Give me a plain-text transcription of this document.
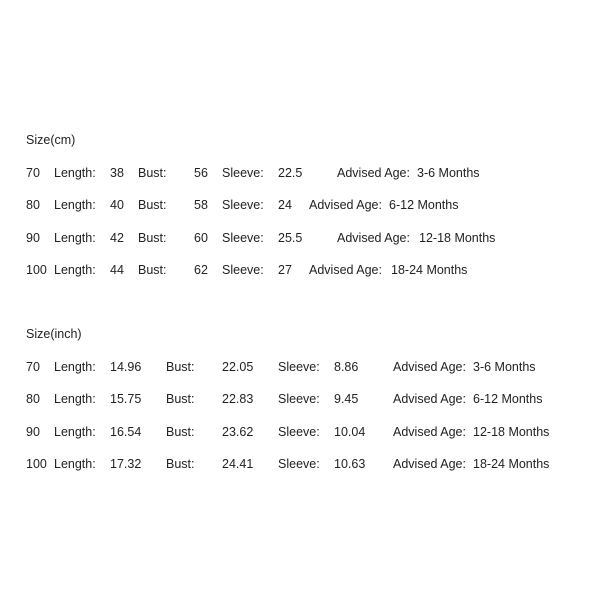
Size(cm)
70 Length: 38 Bust: 56 Sleeve: 22.5	Advised Age: 3-6 Months
80 Length: 40 Bust: 58 Sleeve: 24 Advised Age: 6-12 Months
90 Length: 42 Bust: 60 Sleeve: 25.5	Advised Age: 12-18 Months
100 Length: 44 Bust: 62 Sleeve: 27 Advised Age: 18-24 Months
Size(inch)
70 Length: 14.96 Bust: 22.05 Sleeve: 8.86	Advised Age: 3-6 Months
80 Length: 15.75 Bust: 22.83 Sleeve: 9.45	Advised Age: 6-12 Months
90 Length: 16.54 Bust: 23.62 Sleeve: 10.04 Advised Age: 12-18 Months
100 Length: 17.32 Bust: 24.41 Sleeve: 10.63 Advised Age: 18-24 Months
